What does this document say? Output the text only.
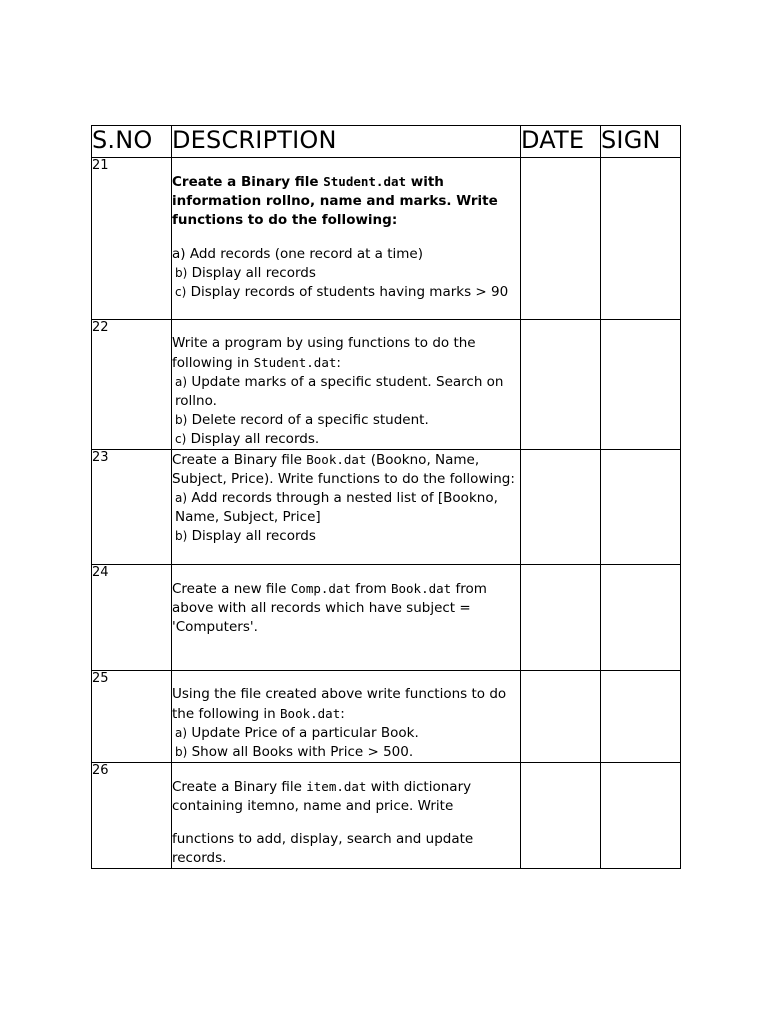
S.NO	DESCRIPTION	DATE	SIGN
21	Create a Binary file Student.dat with information rollno, name and marks. Write functions to do the following:

a) Add records (one record at a time)

b) Display all records

c) Display records of students having marks > 90		

22	Write a program by using functions to do the following in Student.dat:

a) Update marks of a specific student. Search on rollno.

b) Delete record of a specific student.

c) Display all records.		

23	Create a Binary file Book.dat (Bookno, Name, Subject, Price). Write functions to do the following:

a) Add records through a nested list of [Bookno, Name, Subject, Price]

b) Display all records		

24	Create a new file Comp.dat from Book.dat from above with all records which have subject = 'Computers'.		

25	Using the file created above write functions to do the following in Book.dat:

a) Update Price of a particular Book.

b) Show all Books with Price > 500.		

26	Create a Binary file item.dat with dictionary containing itemno, name and price. Write

functions to add, display, search and update records.		
